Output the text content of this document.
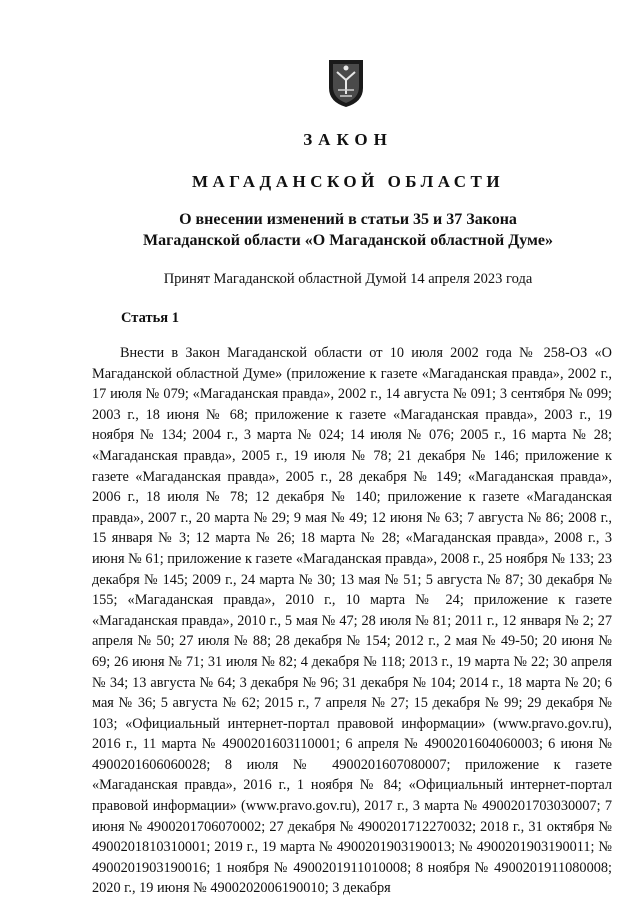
ЗАКОН
МАГАДАНСКОЙ ОБЛАСТИ
О внесении изменений в статьи 35 и 37 Закона
Магаданской области «О Магаданской областной Думе»
Принят Магаданской областной Думой 14 апреля 2023 года
Статья 1
Внести в Закон Магаданской области от 10 июля 2002 года № 258-ОЗ «О Магаданской областной Думе» (приложение к газете «Магаданская правда», 2002 г., 17 июля № 079; «Магаданская правда», 2002 г., 14 августа № 091; 3 сентября № 099; 2003 г., 18 июня № 68; приложение к газете «Магаданская правда», 2003 г., 19 ноября № 134; 2004 г., 3 марта № 024; 14 июля № 076; 2005 г., 16 марта № 28; «Магаданская правда», 2005 г., 19 июля № 78; 21 декабря № 146; приложение к газете «Магаданская правда», 2005 г., 28 декабря № 149; «Магаданская правда», 2006 г., 18 июля № 78; 12 декабря № 140; приложение к газете «Магаданская правда», 2007 г., 20 марта № 29; 9 мая № 49; 12 июня № 63; 7 августа № 86; 2008 г., 15 января № 3; 12 марта № 26; 18 марта № 28; «Магаданская правда», 2008 г., 3 июня № 61; приложение к газете «Магаданская правда», 2008 г., 25 ноября № 133; 23 декабря № 145; 2009 г., 24 марта № 30; 13 мая № 51; 5 августа № 87; 30 декабря № 155; «Магаданская правда», 2010 г., 10 марта № 24; приложение к газете «Магаданская правда», 2010 г., 5 мая № 47; 28 июля № 81; 2011 г., 12 января № 2; 27 апреля № 50; 27 июля № 88; 28 декабря № 154; 2012 г., 2 мая № 49-50; 20 июня № 69; 26 июня № 71; 31 июля № 82; 4 декабря № 118; 2013 г., 19 марта № 22; 30 апреля № 34; 13 августа № 64; 3 декабря № 96; 31 декабря № 104; 2014 г., 18 марта № 20; 6 мая № 36; 5 августа № 62; 2015 г., 7 апреля № 27; 15 декабря № 99; 29 декабря № 103; «Официальный интернет-портал правовой информации» (www.pravo.gov.ru), 2016 г., 11 марта № 4900201603110001; 6 апреля № 4900201604060003; 6 июня № 4900201606060028; 8 июля № 4900201607080007; приложение к газете «Магаданская правда», 2016 г., 1 ноября № 84; «Официальный интернет-портал правовой информации» (www.pravo.gov.ru), 2017 г., 3 марта № 4900201703030007; 7 июня № 4900201706070002; 27 декабря № 4900201712270032; 2018 г., 31 октября № 4900201810310001; 2019 г., 19 марта № 4900201903190013; № 4900201903190011; № 4900201903190016; 1 ноября № 4900201911010008; 8 ноября № 4900201911080008; 2020 г., 19 июня № 4900202006190010; 3 декабря
